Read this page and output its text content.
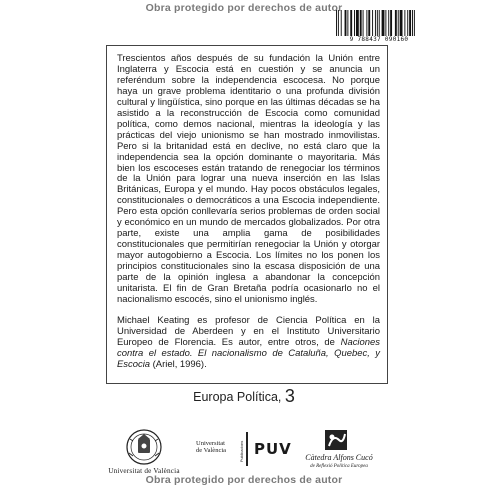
Obra protegido por derechos de autor
9 788437 090160

Trescientos años después de su fundación la Unión entre Inglaterra y Escocia está en cuestión y se anuncia un referéndum sobre la independencia escocesa. No porque haya un grave problema identitario o una profunda división cultural y lingüística, sino porque en las últimas décadas se ha asistido a la reconstrucción de Escocia como comunidad política, como demos nacional, mientras la ideología y las prácticas del viejo unionismo se han mostrado inmovilistas. Pero si la britanidad está en declive, no está claro que la independencia sea la opción dominante o mayoritaria. Más bien los escoceses están tratando de renegociar los términos de la Unión para lograr una nueva inserción en las Islas Británicas, Europa y el mundo. Hay pocos obstáculos legales, constitucionales o democráticos a una Escocia independiente. Pero esta opción conllevaría serios problemas de orden social y económico en un mundo de mercados globalizados. Por otra parte, existe una amplia gama de posibilidades constitucionales que permitirían renegociar la Unión y otorgar mayor autogobierno a Escocia. Los límites no los ponen los principios constitucionales sino la escasa disposición de una parte de la opinión inglesa a abandonar la concepción unitarista. El fin de Gran Bretaña podría ocasionarlo no el nacionalismo escocés, sino el unionismo inglés.

Michael Keating es profesor de Ciencia Política en la Universidad de Aberdeen y en el Instituto Universitario Europeo de Florencia. Es autor, entre otros, de Naciones contra el estado. El nacionalismo de Cataluña, Quebec, y Escocia (Ariel, 1996).

Europa Política, 3
Universitat de València
Universitat
de València	Publicacions PUV	Càtedra Alfons Cucó
de Reflexió Política Europea
Obra protegido por derechos de autor
